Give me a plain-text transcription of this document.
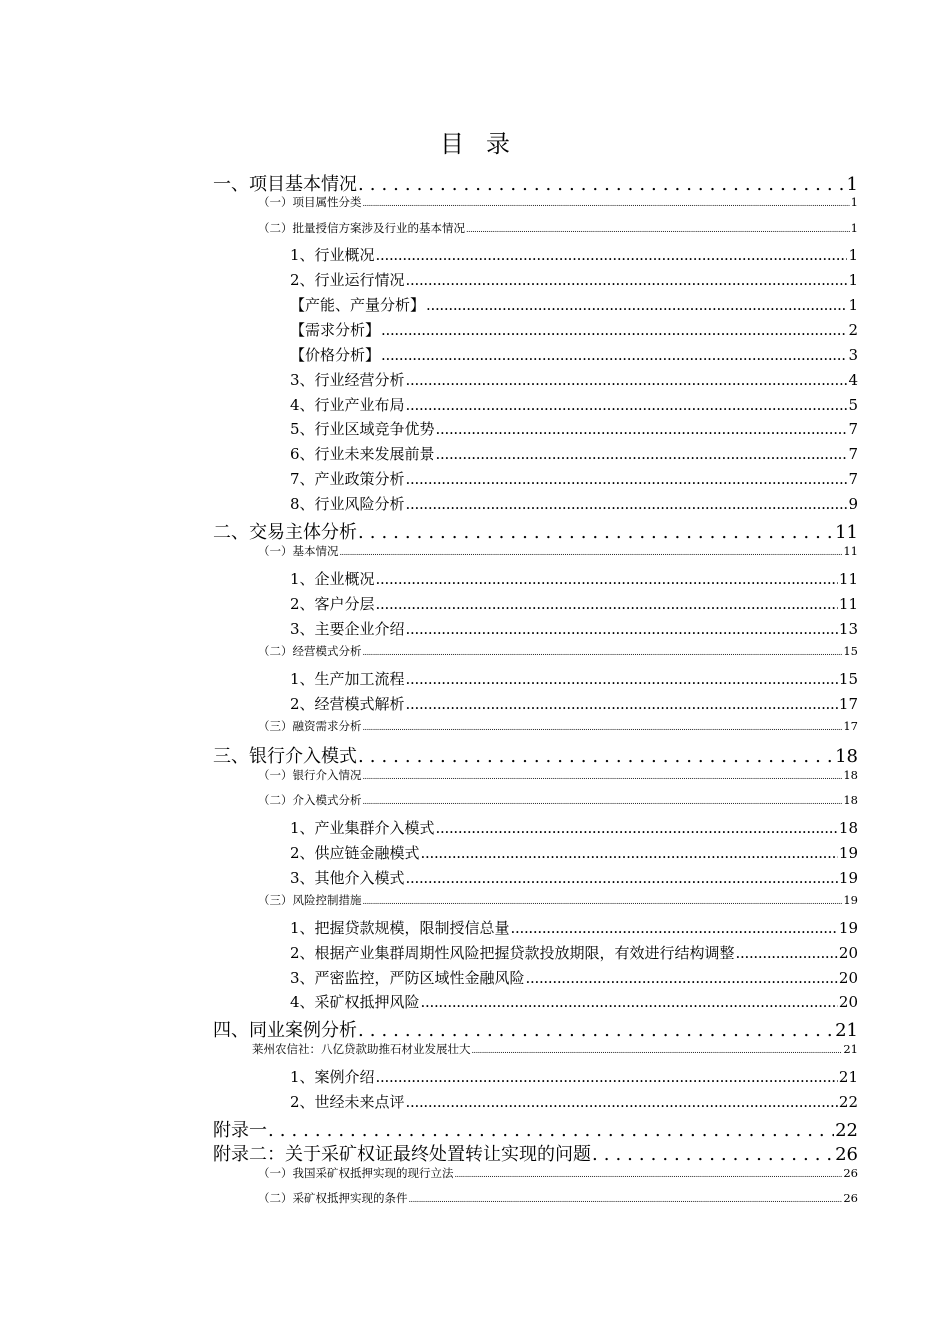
目录
一、项目基本情况 .....	1
（一）项目属性分类 .....	1
（二）批量授信方案涉及行业的基本情况 .....	1
1、行业概况 .....	1
2、行业运行情况 .....	1
【产能、产量分析】 .....	1
【需求分析】 .....	2
【价格分析】 .....	3
3、行业经营分析 .....	4
4、行业产业布局 .....	5
5、行业区域竞争优势 .....	7
6、行业未来发展前景 .....	7
7、产业政策分析 .....	7
8、行业风险分析 .....	9
二、交易主体分析 .....	11
（一）基本情况 .....	11
1、企业概况 .....	11
2、客户分层 .....	11
3、主要企业介绍 .....	13
（二）经营模式分析 .....	15
1、生产加工流程 .....	15
2、经营模式解析 .....	17
（三）融资需求分析 .....	17
三、银行介入模式 .....	18
（一）银行介入情况 .....	18
（二）介入模式分析 .....	18
1、产业集群介入模式 .....	18
2、供应链金融模式 .....	19
3、其他介入模式 .....	19
（三）风险控制措施 .....	19
1、把握贷款规模，限制授信总量 .....	19
2、根据产业集群周期性风险把握贷款投放期限，有效进行结构调整 .....	20
3、严密监控，严防区域性金融风险 .....	20
4、采矿权抵押风险 .....	20
四、同业案例分析 .....	21
莱州农信社：八亿贷款助推石材业发展壮大 .....	21
1、案例介绍 .....	21
2、世经未来点评 .....	22
附录一 .....	22
附录二：关于采矿权证最终处置转让实现的问题 .....	26
（一）我国采矿权抵押实现的现行立法 .....	26
（二）采矿权抵押实现的条件 .....	26
